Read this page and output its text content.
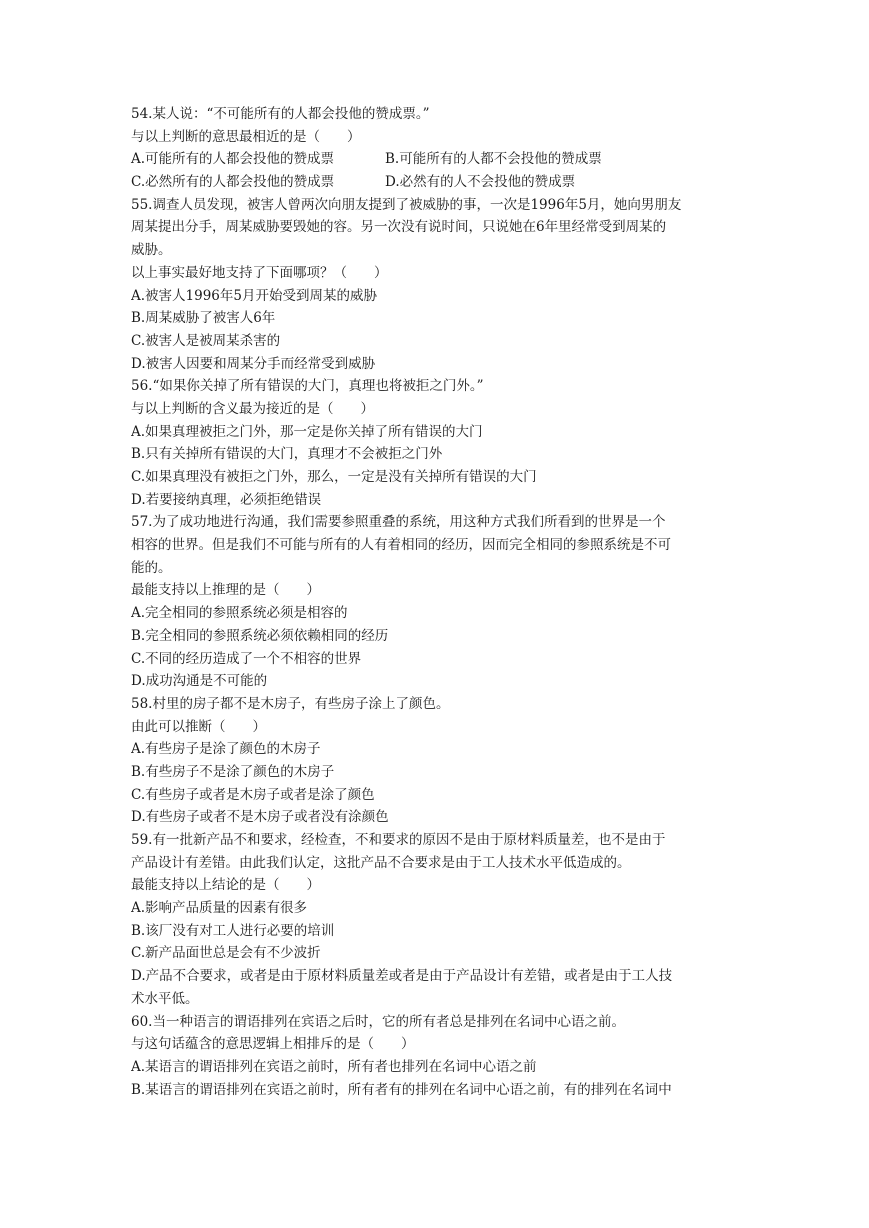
54.某人说：“不可能所有的人都会投他的赞成票。”
与以上判断的意思最相近的是（　　）
A.可能所有的人都会投他的赞成票	B.可能所有的人都不会投他的赞成票
C.必然所有的人都会投他的赞成票	D.必然有的人不会投他的赞成票
55.调查人员发现，被害人曾两次向朋友提到了被威胁的事，一次是1996年5月，她向男朋友
周某提出分手，周某威胁要毁她的容。另一次没有说时间，只说她在6年里经常受到周某的
威胁。
以上事实最好地支持了下面哪项？（　　）
A.被害人1996年5月开始受到周某的威胁
B.周某威胁了被害人6年
C.被害人是被周某杀害的
D.被害人因要和周某分手而经常受到威胁
56.“如果你关掉了所有错误的大门，真理也将被拒之门外。”
与以上判断的含义最为接近的是（　　）
A.如果真理被拒之门外，那一定是你关掉了所有错误的大门
B.只有关掉所有错误的大门，真理才不会被拒之门外
C.如果真理没有被拒之门外，那么，一定是没有关掉所有错误的大门
D.若要接纳真理，必须拒绝错误
57.为了成功地进行沟通，我们需要参照重叠的系统，用这种方式我们所看到的世界是一个
相容的世界。但是我们不可能与所有的人有着相同的经历，因而完全相同的参照系统是不可
能的。
最能支持以上推理的是（　　）
A.完全相同的参照系统必须是相容的
B.完全相同的参照系统必须依赖相同的经历
C.不同的经历造成了一个不相容的世界
D.成功沟通是不可能的
58.村里的房子都不是木房子，有些房子涂上了颜色。
由此可以推断（　　）
A.有些房子是涂了颜色的木房子
B.有些房子不是涂了颜色的木房子
C.有些房子或者是木房子或者是涂了颜色
D.有些房子或者不是木房子或者没有涂颜色
59.有一批新产品不和要求，经检查，不和要求的原因不是由于原材料质量差，也不是由于
产品设计有差错。由此我们认定，这批产品不合要求是由于工人技术水平低造成的。
最能支持以上结论的是（　　）
A.影响产品质量的因素有很多
B.该厂没有对工人进行必要的培训
C.新产品面世总是会有不少波折
D.产品不合要求，或者是由于原材料质量差或者是由于产品设计有差错，或者是由于工人技
术水平低。
60.当一种语言的谓语排列在宾语之后时，它的所有者总是排列在名词中心语之前。
与这句话蕴含的意思逻辑上相排斥的是（　　）
A.某语言的谓语排列在宾语之前时，所有者也排列在名词中心语之前
B.某语言的谓语排列在宾语之前时，所有者有的排列在名词中心语之前，有的排列在名词中
